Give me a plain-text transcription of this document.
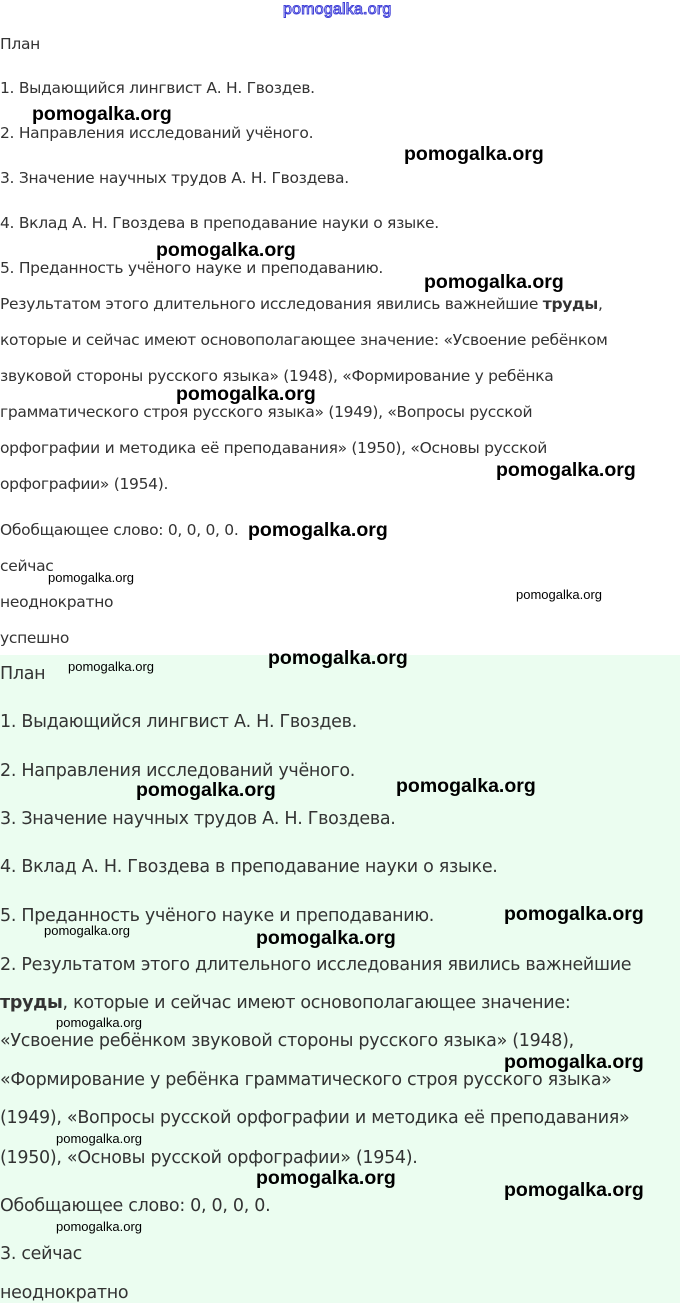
pomogalka.org
План
1. Выдающийся лингвист А. Н. Гвоздев.
2. Направления исследований учёного.
3. Значение научных трудов А. Н. Гвоздева.
4. Вклад А. Н. Гвоздева в преподавание науки о языке.
5. Преданность учёного науке и преподаванию.
Результатом этого длительного исследования явились важнейшие труды,
которые и сейчас имеют основополагающее значение: «Усвоение ребёнком
звуковой стороны русского языка» (1948), «Формирование у ребёнка
грамматического строя русского языка» (1949), «Вопросы русской
орфографии и методика её преподавания» (1950), «Основы русской
орфографии» (1954).
Обобщающее слово: 0, 0, 0, 0.
сейчас
неоднократно
успешно
План
1. Выдающийся лингвист А. Н. Гвоздев.
2. Направления исследований учёного.
3. Значение научных трудов А. Н. Гвоздева.
4. Вклад А. Н. Гвоздева в преподавание науки о языке.
5. Преданность учёного науке и преподаванию.
2. Результатом этого длительного исследования явились важнейшие
труды, которые и сейчас имеют основополагающее значение:
«Усвоение ребёнком звуковой стороны русского языка» (1948),
«Формирование у ребёнка грамматического строя русского языка»
(1949), «Вопросы русской орфографии и методика её преподавания»
(1950), «Основы русской орфографии» (1954).
Обобщающее слово: 0, 0, 0, 0.
3. сейчас
неоднократно
pomogalka.org
pomogalka.org
pomogalka.org
pomogalka.org
pomogalka.org
pomogalka.org
pomogalka.org
pomogalka.org
pomogalka.org
pomogalka.org
pomogalka.org
pomogalka.org
pomogalka.org
pomogalka.org
pomogalka.org	pomogalka.org
pomogalka.org
pomogalka.org
pomogalka.org
pomogalka.org
pomogalka.org
pomogalka.org
